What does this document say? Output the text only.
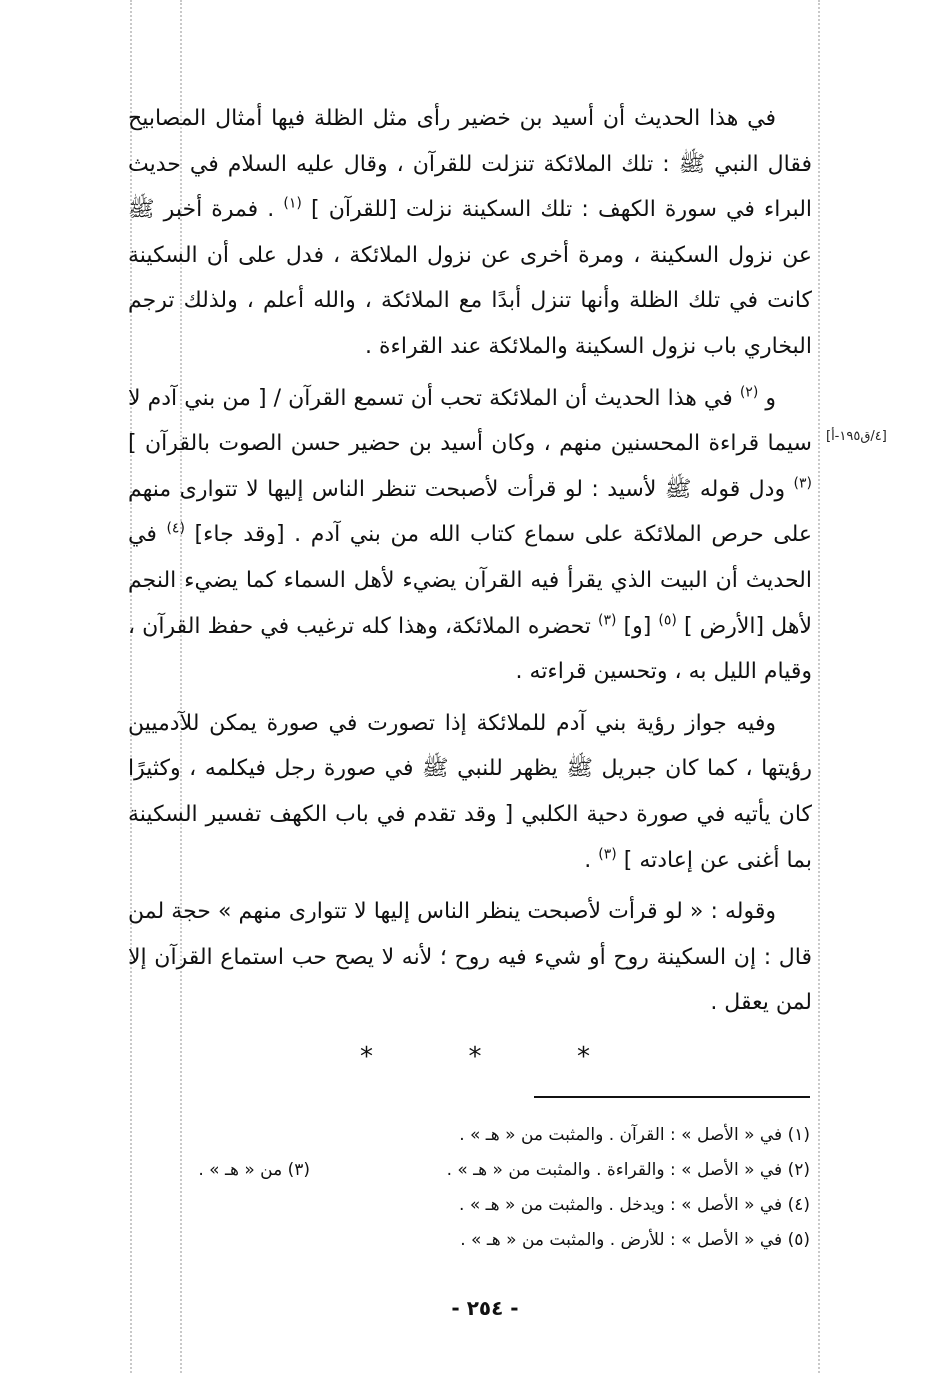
في هذا الحديث أن أسيد بن خضير رأى مثل الظلة فيها أمثال المصابيح فقال النبي ﷺ : تلك الملائكة تنزلت للقرآن ، وقال عليه السلام في حديث البراء في سورة الكهف : تلك السكينة نزلت [للقرآن ] $^{(١)}$ . فمرة أخبر ﷺ عن نزول السكينة ، ومرة أخرى عن نزول الملائكة ، فدل على أن السكينة كانت في تلك الظلة وأنها تنزل أبدًا مع الملائكة ، والله أعلم ، ولذلك ترجم البخاري باب نزول السكينة والملائكة عند القراءة .

و $^{(٢)}$ في هذا الحديث أن الملائكة تحب أن تسمع القرآن / [ من بني آدم لا سيما قراءة المحسنين منهم ، وكان أسيد بن حضير حسن الصوت بالقرآن ] $^{(٣)}$ ودل قوله ﷺ لأسيد : لو قرأت لأصبحت تنظر الناس إليها لا تتوارى منهم على حرص الملائكة على سماع كتاب الله من بني آدم . [وقد جاء] $^{(٤)}$ في الحديث أن البيت الذي يقرأ فيه القرآن يضيء لأهل السماء كما يضيء النجم لأهل [الأرض ] $^{(٥)}$ [و] $^{(٣)}$ تحضره الملائكة، وهذا كله ترغيب في حفظ القرآن ، وقيام الليل به ، وتحسين قراءته .

وفيه جواز رؤية بني آدم للملائكة إذا تصورت في صورة يمكن للآدميين رؤيتها ، كما كان جبريل ﷺ يظهر للنبي ﷺ في صورة رجل فيكلمه ، وكثيرًا كان يأتيه في صورة دحية الكلبي [ وقد تقدم في باب الكهف تفسير السكينة بما أغنى عن إعادته ] $^{(٣)}$ .

وقوله : « لو قرأت لأصبحت ينظر الناس إليها لا تتوارى منهم » حجة لمن قال : إن السكينة روح أو شيء فيه روح ؛ لأنه لا يصح حب استماع القرآن إلا لمن يعقل .

[٤/ق١٩٥-أ]
*	*	*
(١) في « الأصل » : القرآن . والمثبت من « هـ » .
(٢) في « الأصل » : والقراءة . والمثبت من « هـ » .
(٤) في « الأصل » : ويدخل . والمثبت من « هـ » .
(٥) في « الأصل » : للأرض . والمثبت من « هـ » .
(٣) من « هـ » .
- ٢٥٤ -
